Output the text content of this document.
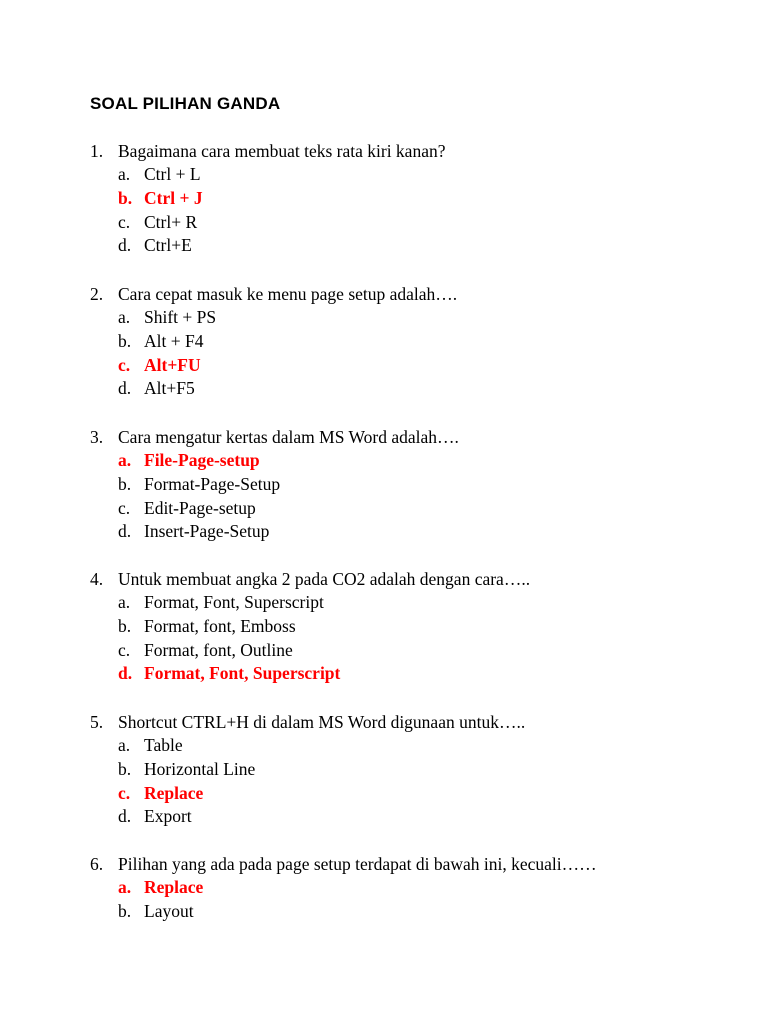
SOAL PILIHAN GANDA
1. Bagaimana cara membuat teks rata kiri kanan?
a. Ctrl + L
b. Ctrl + J
c. Ctrl+ R
d. Ctrl+E
2. Cara cepat masuk ke menu page setup adalah….
a. Shift + PS
b. Alt + F4
c. Alt+FU
d. Alt+F5
3. Cara mengatur kertas dalam MS Word adalah….
a. File-Page-setup
b. Format-Page-Setup
c. Edit-Page-setup
d. Insert-Page-Setup
4. Untuk membuat angka 2 pada CO2 adalah dengan cara…..
a. Format, Font, Superscript
b. Format, font, Emboss
c. Format, font, Outline
d. Format, Font, Superscript
5. Shortcut CTRL+H di dalam MS Word digunaan untuk…..
a. Table
b. Horizontal Line
c. Replace
d. Export
6. Pilihan yang ada pada page setup terdapat di bawah ini, kecuali……
a. Replace
b. Layout
